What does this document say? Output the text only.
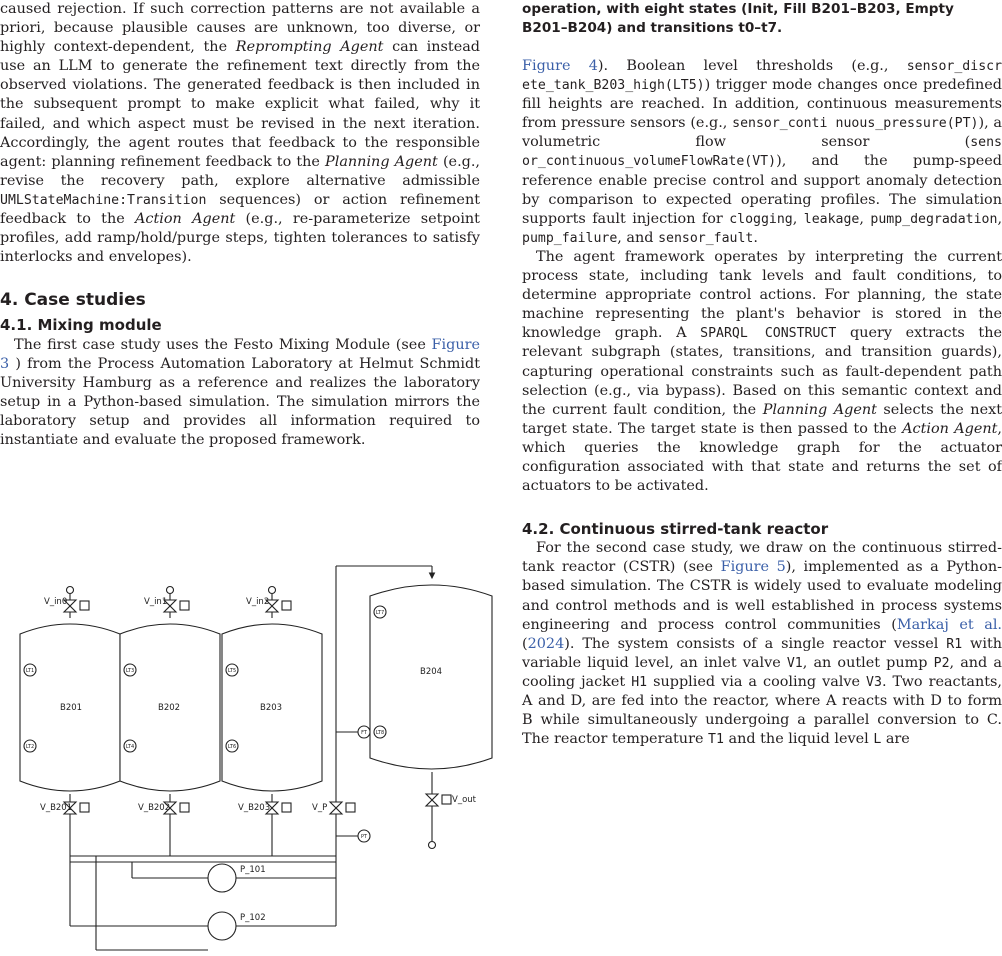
caused rejection. If such correction patterns are not available a priori, because plausible causes are unknown, too diverse, or highly context-dependent, the Reprompting Agent can instead use an LLM to generate the refinement text directly from the observed violations. The generated feedback is then included in the subsequent prompt to make explicit what failed, why it failed, and which aspect must be revised in the next iteration. Accordingly, the agent routes that feedback to the responsible agent: planning refinement feedback to the Planning Agent (e.g., revise the recovery path, explore alternative admissible UMLStateMachine:Transition sequences) or action refinement feedback to the Action Agent (e.g., re-parameterize setpoint profiles, add ramp/hold/purge steps, tighten tolerances to satisfy interlocks and envelopes).

4. Case studies
4.1. Mixing module

The first case study uses the Festo Mixing Module (see Figure 3 ) from the Process Automation Laboratory at Helmut Schmidt University Hamburg as a reference and realizes the laboratory setup in a Python-based simulation. The simulation mirrors the laboratory setup and provides all information required to instantiate and evaluate the proposed framework.

V_in0	V_in1	V_in2
B201	B202	B203
B204
V_B201	V_B202	V_B203	V_P
V_out
P_101
P_102
LT1
LT2
LT3
LT4
LT5
LT6
LT7
LT8
FT
PT

operation, with eight states (Init, Fill B201–B203, Empty
B201–B204) and transitions t0–t7.

Figure 4). Boolean level thresholds (e.g., sensor_discr ete_tank_B203_high(LT5)) trigger mode changes once predefined fill heights are reached. In addition, continuous measurements from pressure sensors (e.g., sensor_conti nuous_pressure(PT)), a volumetric flow sensor (sens or_continuous_volumeFlowRate(VT)), and the pump-speed reference enable precise control and support anomaly detection by comparison to expected operating profiles. The simulation supports fault injection for clogging, leakage, pump_degradation, pump_failure, and sensor_fault.

The agent framework operates by interpreting the current process state, including tank levels and fault conditions, to determine appropriate control actions. For planning, the state machine representing the plant's behavior is stored in the knowledge graph. A SPARQL CONSTRUCT query extracts the relevant subgraph (states, transitions, and transition guards), capturing operational constraints such as fault-dependent path selection (e.g., via bypass). Based on this semantic context and the current fault condition, the Planning Agent selects the next target state. The target state is then passed to the Action Agent, which queries the knowledge graph for the actuator configuration associated with that state and returns the set of actuators to be activated.

4.2. Continuous stirred-tank reactor

For the second case study, we draw on the continuous stirred-tank reactor (CSTR) (see Figure 5), implemented as a Python-based simulation. The CSTR is widely used to evaluate modeling and control methods and is well established in process systems engineering and process control communities (Markaj et al. (2024). The system consists of a single reactor vessel R1 with variable liquid level, an inlet valve V1, an outlet pump P2, and a cooling jacket H1 supplied via a cooling valve V3. Two reactants, A and D, are fed into the reactor, where A reacts with D to form B while simultaneously undergoing a parallel conversion to C. The reactor temperature T1 and the liquid level L are
